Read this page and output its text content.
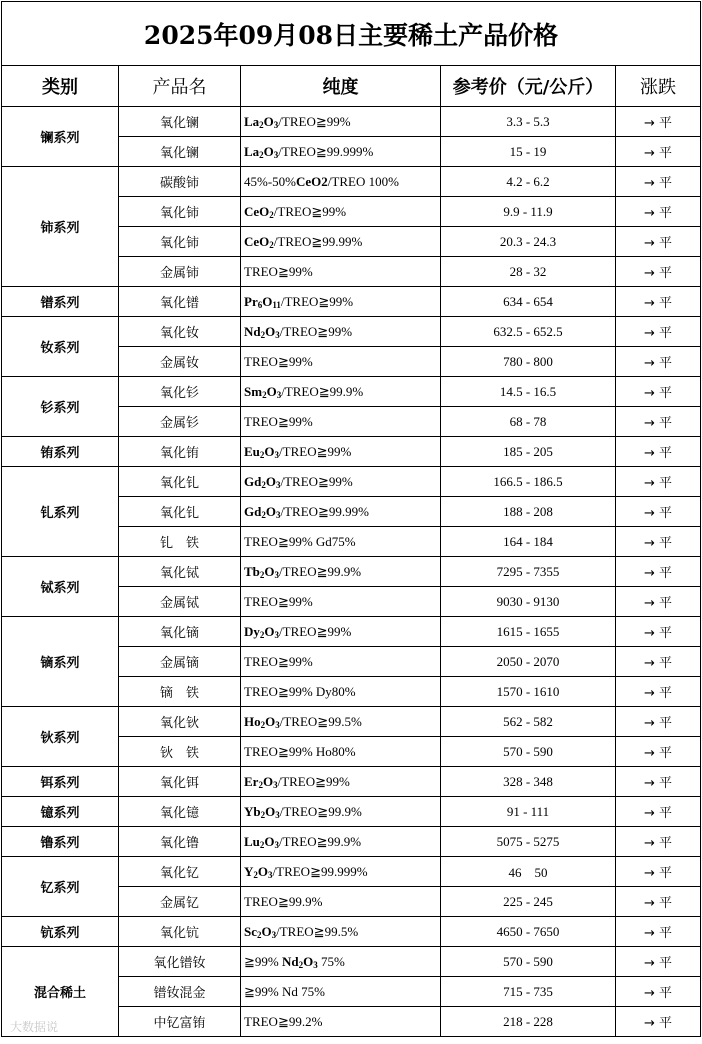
2025年09月08日主要稀土产品价格				
类别	产品名	纯度	参考价（元/公斤）	涨跌
镧系列	氧化镧	$La_2O_3/TREO≧99\%$	3.3 - 5.3	→ 平
	氧化镧	$La_2O_3/TREO≧99.999\%$	15 - 19	→ 平
铈系列	碳酸铈	45%-50%CeO2/TREO 100%	4.2 - 6.2	→ 平
	氧化铈	CeO$_2$/TREO≧99%	9.9 - 11.9	→ 平
	氧化铈	CeO$_2$/TREO≧99.99%	20.3 - 24.3	→ 平
	金属铈	TREO≧99%	28 - 32	→ 平
镨系列	氧化镨	$Pr_6O_{11}/TREO≧99\%$	634 - 654	→ 平
钕系列	氧化钕	$Nd_2O_3/TREO≧99\%$	632.5 - 652.5	→ 平
	金属钕	TREO≧99%	780 - 800	→ 平
钐系列	氧化钐	$Sm_2O_3/TREO≧99.9\%$	14.5 - 16.5	→ 平
	金属钐	TREO≧99%	68 - 78	→ 平
铕系列	氧化铕	$Eu_2O_3/TREO≧99\%$	185 - 205	→ 平
钆系列	氧化钆	$Gd_2O_3/TREO≧99\%$	166.5 - 186.5	→ 平
	氧化钆	$Gd_2O_3/TREO≧99.99\%$	188 - 208	→ 平
	钆　铁	TREO≧99% Gd75%	164 - 184	→ 平
铽系列	氧化铽	$Tb_2O_3/TREO≧99.9\%$	7295 - 7355	→ 平
	金属铽	TREO≧99%	9030 - 9130	→ 平
镝系列	氧化镝	$Dy_2O_3/TREO≧99\%$	1615 - 1655	→ 平
	金属镝	TREO≧99%	2050 - 2070	→ 平
	镝　铁	TREO≧99% Dy80%	1570 - 1610	→ 平
钬系列	氧化钬	$Ho_2O_3/TREO≧99.5\%$	562 - 582	→ 平
	钬　铁	TREO≧99% Ho80%	570 - 590	→ 平
铒系列	氧化铒	$Er_2O_3/TREO≧99\%$	328 - 348	→ 平
镱系列	氧化镱	$Yb_2O_3/TREO≧99.9\%$	91 - 111	→ 平
镥系列	氧化镥	$Lu_2O_3/TREO≧99.9\%$	5075 - 5275	→ 平
钇系列	氧化钇	$Y_2O_3/TREO≧99.999\%$	46　50	→ 平
	金属钇	TREO≧99.9%	225 - 245	→ 平
钪系列	氧化钪	$Sc_2O_3/TREO≧99.5\%$	4650 - 7650	→ 平
混合稀土	氧化镨钕	≧99% $Nd_2O_3$ 75%	570 - 590	→ 平
	镨钕混金	≧99% Nd 75%	715 - 735	→ 平
	中钇富铕	TREO≧99.2%	218 - 228	→ 平
大数据说
